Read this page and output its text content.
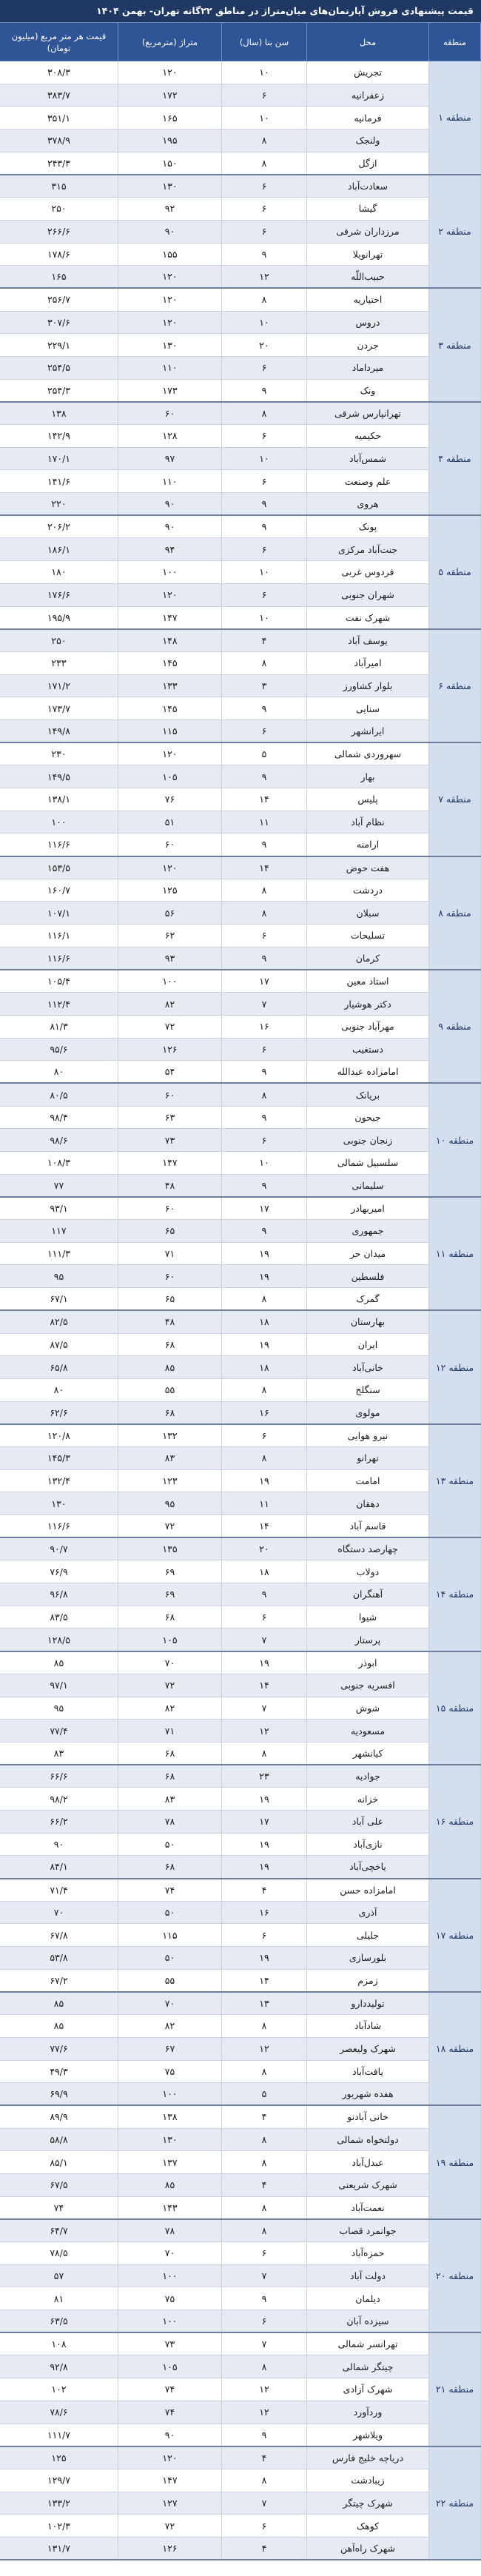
قیمت پیشنهادی فروش آپارتمان‌های میان‌متراژ در مناطق ۲۲گانه تهران- بهمن ۱۴۰۴
منطقه	محل	سن بنا (سال)	متراژ (مترمربع)	قیمت هر متر مربع (میلیون تومان)
منطقه ۱	تجریش	۱۰	۱۲۰	۳۰۸/۳
	زعفرانیه	۶	۱۷۲	۳۸۳/۷
	فرمانیه	۱۰	۱۶۵	۳۵۱/۱
	ولنجک	۸	۱۹۵	۳۷۸/۹
	ازگل	۸	۱۵۰	۲۴۳/۳
منطقه ۲	سعادت‌آباد	۶	۱۳۰	۳۱۵
	گیشا	۶	۹۲	۲۵۰
	مرزداران شرقی	۶	۹۰	۲۶۶/۶
	تهرانویلا	۹	۱۵۵	۱۷۸/۶
	حبیب‌اللّه	۱۲	۱۲۰	۱۶۵
منطقه ۳	اختیاریه	۸	۱۲۰	۲۵۶/۷
	دروس	۱۰	۱۲۰	۳۰۷/۶
	جردن	۲۰	۱۳۰	۲۲۹/۱
	میرداماد	۶	۱۱۰	۲۵۴/۵
	ونک	۹	۱۷۳	۲۵۴/۳
منطقه ۴	تهرانپارس شرقی	۸	۶۰	۱۳۸
	حکیمیه	۶	۱۲۸	۱۴۲/۹
	شمس‌آباد	۱۰	۹۷	۱۷۰/۱
	علم وصنعت	۶	۱۱۰	۱۴۱/۶
	هروی	۹	۹۰	۲۲۰
منطقه ۵	پونک	۹	۹۰	۲۰۶/۲
	جنت‌آباد مرکزی	۶	۹۴	۱۸۶/۱
	فردوس غربی	۱۰	۱۰۰	۱۸۰
	شهران جنوبی	۶	۱۲۰	۱۷۶/۶
	شهرک نفت	۱۰	۱۴۷	۱۹۵/۹
منطقه ۶	یوسف آباد	۴	۱۴۸	۲۵۰
	امیرآباد	۸	۱۴۵	۲۳۳
	بلوار کشاورز	۳	۱۳۳	۱۷۱/۲
	سنایی	۹	۱۴۵	۱۷۳/۷
	ایرانشهر	۶	۱۱۵	۱۴۹/۸
منطقه ۷	سهروردی شمالی	۵	۱۲۰	۲۳۰
	بهار	۹	۱۰۵	۱۴۹/۵
	پلیس	۱۴	۷۶	۱۳۸/۱
	نظام آباد	۱۱	۵۱	۱۰۰
	ارامنه	۹	۶۰	۱۱۶/۶
منطقه ۸	هفت حوض	۱۴	۱۲۰	۱۵۳/۵
	دردشت	۸	۱۲۵	۱۶۰/۷
	سبلان	۸	۵۶	۱۰۷/۱
	تسلیحات	۶	۶۲	۱۱۶/۱
	کرمان	۹	۹۳	۱۱۶/۶
منطقه ۹	استاد معین	۱۷	۱۰۰	۱۰۵/۴
	دکتر هوشیار	۷	۸۲	۱۱۲/۴
	مهرآباد جنوبی	۱۶	۷۲	۸۱/۳
	دستغیب	۶	۱۲۶	۹۵/۶
	امامزاده عبدالله	۹	۵۴	۸۰
منطقه ۱۰	بریانک	۸	۶۰	۸۰/۵
	جیحون	۹	۶۳	۹۸/۴
	زنجان جنوبی	۶	۷۳	۹۸/۶
	سلسبیل شمالی	۱۰	۱۴۷	۱۰۸/۳
	سلیمانی	۹	۴۸	۷۷
منطقه ۱۱	امیربهادر	۱۷	۶۰	۹۳/۱
	جمهوری	۹	۶۵	۱۱۷
	میدان حر	۱۹	۷۱	۱۱۱/۳
	فلسطین	۱۹	۶۰	۹۵
	گمرک	۸	۶۵	۶۷/۱
منطقه ۱۲	بهارستان	۱۸	۴۸	۸۲/۵
	ایران	۱۹	۶۸	۸۷/۵
	خانی‌آباد	۱۸	۸۵	۶۵/۸
	سنگلج	۸	۵۵	۸۰
	مولوی	۱۶	۶۸	۶۲/۶
منطقه ۱۳	نیرو هوایی	۶	۱۳۲	۱۲۰/۸
	تهرانو	۸	۸۳	۱۴۵/۳
	امامت	۱۹	۱۲۳	۱۳۲/۴
	دهقان	۱۱	۹۵	۱۳۰
	قاسم آباد	۱۴	۷۲	۱۱۶/۶
منطقه ۱۴	چهارصد دستگاه	۲۰	۱۳۵	۹۰/۷
	دولاب	۱۸	۶۹	۷۶/۹
	آهنگران	۹	۶۹	۹۶/۸
	شیوا	۶	۶۸	۸۳/۵
	پرستار	۷	۱۰۵	۱۲۸/۵
منطقه ۱۵	ابوذر	۱۹	۷۰	۸۵
	افسریه جنوبی	۱۴	۷۲	۹۷/۱
	شوش	۷	۸۲	۹۵
	مسعودیه	۱۲	۷۱	۷۷/۴
	کیانشهر	۸	۶۸	۸۳
منطقه ۱۶	جوادیه	۲۳	۶۸	۶۶/۶
	خزانه	۱۹	۸۳	۹۸/۲
	علی آباد	۱۷	۷۸	۶۶/۲
	نازی‌آباد	۱۹	۵۰	۹۰
	یاخچی‌آباد	۱۹	۶۸	۸۴/۱
منطقه ۱۷	امامزاده حسن	۴	۷۴	۷۱/۴
	آذری	۱۶	۵۰	۷۰
	جلیلی	۶	۱۱۵	۶۷/۸
	بلورسازی	۱۹	۵۰	۵۳/۸
	زمزم	۱۴	۵۵	۶۷/۲
منطقه ۱۸	تولیددارو	۱۳	۷۰	۸۵
	شادآباد	۸	۸۲	۸۵
	شهرک ولیعصر	۱۲	۶۷	۷۷/۶
	یافت‌آباد	۸	۷۵	۴۹/۳
	هفده شهریور	۵	۱۰۰	۶۹/۹
منطقه ۱۹	خانی آبادنو	۴	۱۳۸	۸۹/۹
	دولتخواه شمالی	۸	۱۳۰	۵۸/۸
	عبدل‌آباد	۸	۱۳۷	۸۵/۱
	شهرک شریعتی	۴	۸۵	۶۷/۵
	نعمت‌آباد	۸	۱۴۳	۷۴
منطقه ۲۰	جوانمرد قصاب	۸	۷۸	۶۴/۷
	حمزه‌آباد	۶	۷۰	۷۸/۵
	دولت آباد	۷	۱۰۰	۵۷
	دیلمان	۹	۷۵	۸۱
	سیزده آبان	۶	۱۰۰	۶۳/۵
منطقه ۲۱	تهرانسر شمالی	۷	۷۳	۱۰۸
	چیتگر شمالی	۸	۱۰۵	۹۲/۸
	شهرک آزادی	۱۲	۷۴	۱۰۲
	وردآورد	۱۲	۷۴	۷۸/۶
	ویلاشهر	۹	۹۰	۱۱۱/۷
منطقه ۲۲	دریاچه خلیج فارس	۴	۱۲۰	۱۲۵
	زیبادشت	۸	۱۴۷	۱۲۹/۷
	شهرک چیتگر	۷	۱۲۷	۱۳۳/۲
	کوهک	۶	۷۲	۱۰۲/۳
	شهرک راه‌آهن	۴	۱۲۶	۱۳۱/۷
